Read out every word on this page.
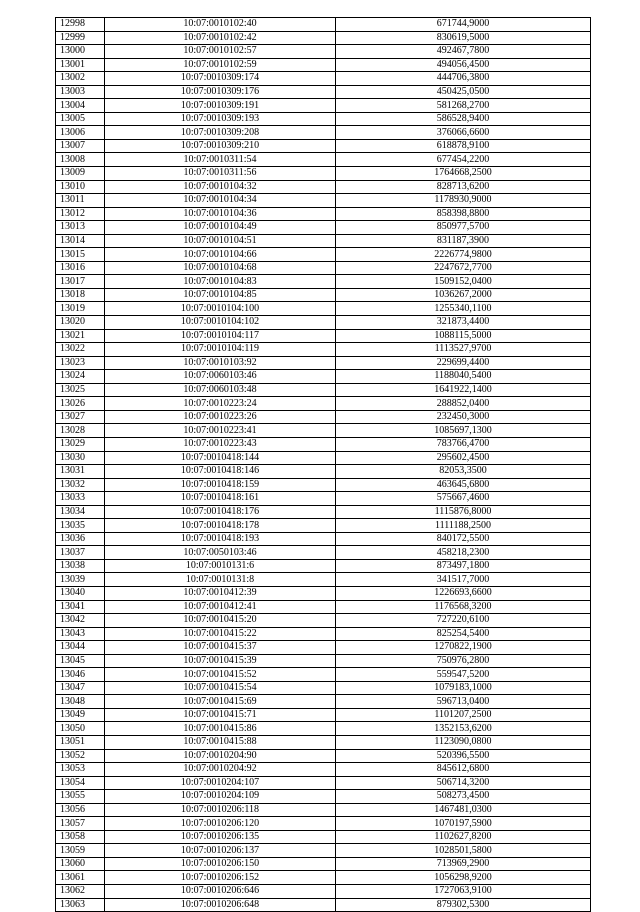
12998	10:07:0010102:40	671744,9000
12999	10:07:0010102:42	830619,5000
13000	10:07:0010102:57	492467,7800
13001	10:07:0010102:59	494056,4500
13002	10:07:0010309:174	444706,3800
13003	10:07:0010309:176	450425,0500
13004	10:07:0010309:191	581268,2700
13005	10:07:0010309:193	586528,9400
13006	10:07:0010309:208	376066,6600
13007	10:07:0010309:210	618878,9100
13008	10:07:0010311:54	677454,2200
13009	10:07:0010311:56	1764668,2500
13010	10:07:0010104:32	828713,6200
13011	10:07:0010104:34	1178930,9000
13012	10:07:0010104:36	858398,8800
13013	10:07:0010104:49	850977,5700
13014	10:07:0010104:51	831187,3900
13015	10:07:0010104:66	2226774,9800
13016	10:07:0010104:68	2247672,7700
13017	10:07:0010104:83	1509152,0400
13018	10:07:0010104:85	1036267,2000
13019	10:07:0010104:100	1255340,1100
13020	10:07:0010104:102	321873,4400
13021	10:07:0010104:117	1088115,5000
13022	10:07:0010104:119	1113527,9700
13023	10:07:0010103:92	229699,4400
13024	10:07:0060103:46	1188040,5400
13025	10:07:0060103:48	1641922,1400
13026	10:07:0010223:24	288852,0400
13027	10:07:0010223:26	232450,3000
13028	10:07:0010223:41	1085697,1300
13029	10:07:0010223:43	783766,4700
13030	10:07:0010418:144	295602,4500
13031	10:07:0010418:146	82053,3500
13032	10:07:0010418:159	463645,6800
13033	10:07:0010418:161	575667,4600
13034	10:07:0010418:176	1115876,8000
13035	10:07:0010418:178	1111188,2500
13036	10:07:0010418:193	840172,5500
13037	10:07:0050103:46	458218,2300
13038	10:07:0010131:6	873497,1800
13039	10:07:0010131:8	341517,7000
13040	10:07:0010412:39	1226693,6600
13041	10:07:0010412:41	1176568,3200
13042	10:07:0010415:20	727220,6100
13043	10:07:0010415:22	825254,5400
13044	10:07:0010415:37	1270822,1900
13045	10:07:0010415:39	750976,2800
13046	10:07:0010415:52	559547,5200
13047	10:07:0010415:54	1079183,1000
13048	10:07:0010415:69	596713,0400
13049	10:07:0010415:71	1101207,2500
13050	10:07:0010415:86	1352153,6200
13051	10:07:0010415:88	1123090,0800
13052	10:07:0010204:90	520396,5500
13053	10:07:0010204:92	845612,6800
13054	10:07:0010204:107	506714,3200
13055	10:07:0010204:109	508273,4500
13056	10:07:0010206:118	1467481,0300
13057	10:07:0010206:120	1070197,5900
13058	10:07:0010206:135	1102627,8200
13059	10:07:0010206:137	1028501,5800
13060	10:07:0010206:150	713969,2900
13061	10:07:0010206:152	1056298,9200
13062	10:07:0010206:646	1727063,9100
13063	10:07:0010206:648	879302,5300
